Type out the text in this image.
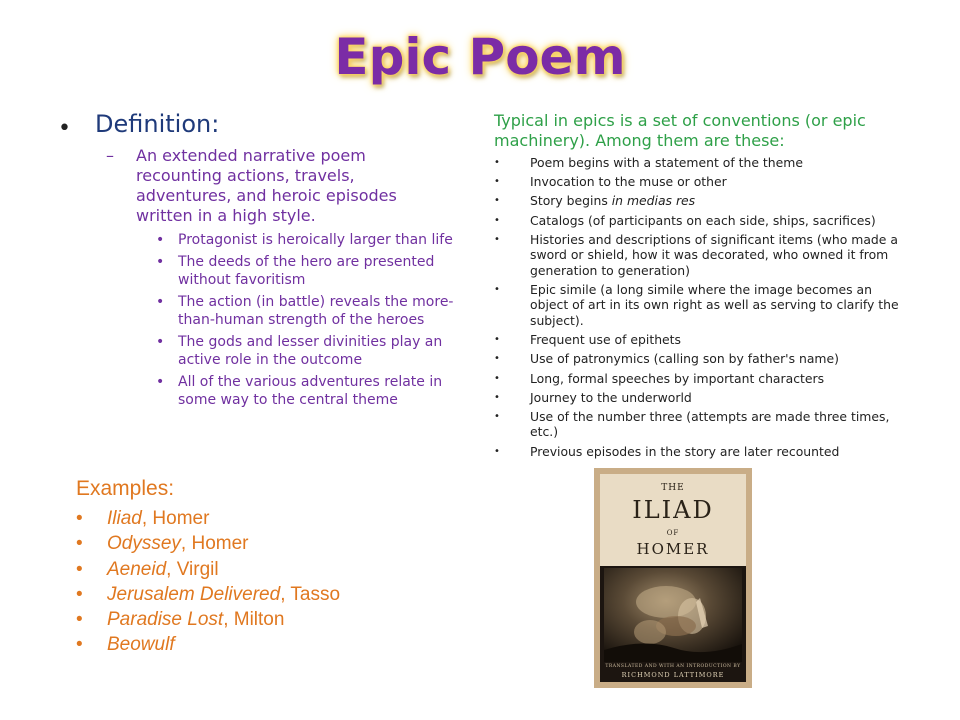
Epic Poem
• Definition:
– An extended narrative poem recounting actions, travels, adventures, and heroic episodes written in a high style.
• Protagonist is heroically larger than life
• The deeds of the hero are presented without favoritism
• The action (in battle) reveals the more-than-human strength of the heroes
• The gods and lesser divinities play an active role in the outcome
• All of the various adventures relate in some way to the central theme
Typical in epics is a set of conventions (or epic machinery). Among them are these:
• Poem begins with a statement of the theme
• Invocation to the muse or other
• Story begins in medias res
• Catalogs (of participants on each side, ships, sacrifices)
• Histories and descriptions of significant items (who made a sword or shield, how it was decorated, who owned it from generation to generation)
• Epic simile (a long simile where the image becomes an object of art in its own right as well as serving to clarify the subject).
• Frequent use of epithets
• Use of patronymics (calling son by father's name)
• Long, formal speeches by important characters
• Journey to the underworld
• Use of the number three (attempts are made three times, etc.)
• Previous episodes in the story are later recounted
Examples:
• Iliad, Homer
• Odyssey, Homer
• Aeneid, Virgil
• Jerusalem Delivered, Tasso
• Paradise Lost, Milton
• Beowulf
THE
ILIAD
OF
HOMER
TRANSLATED AND WITH AN INTRODUCTION BY
RICHMOND LATTIMORE
